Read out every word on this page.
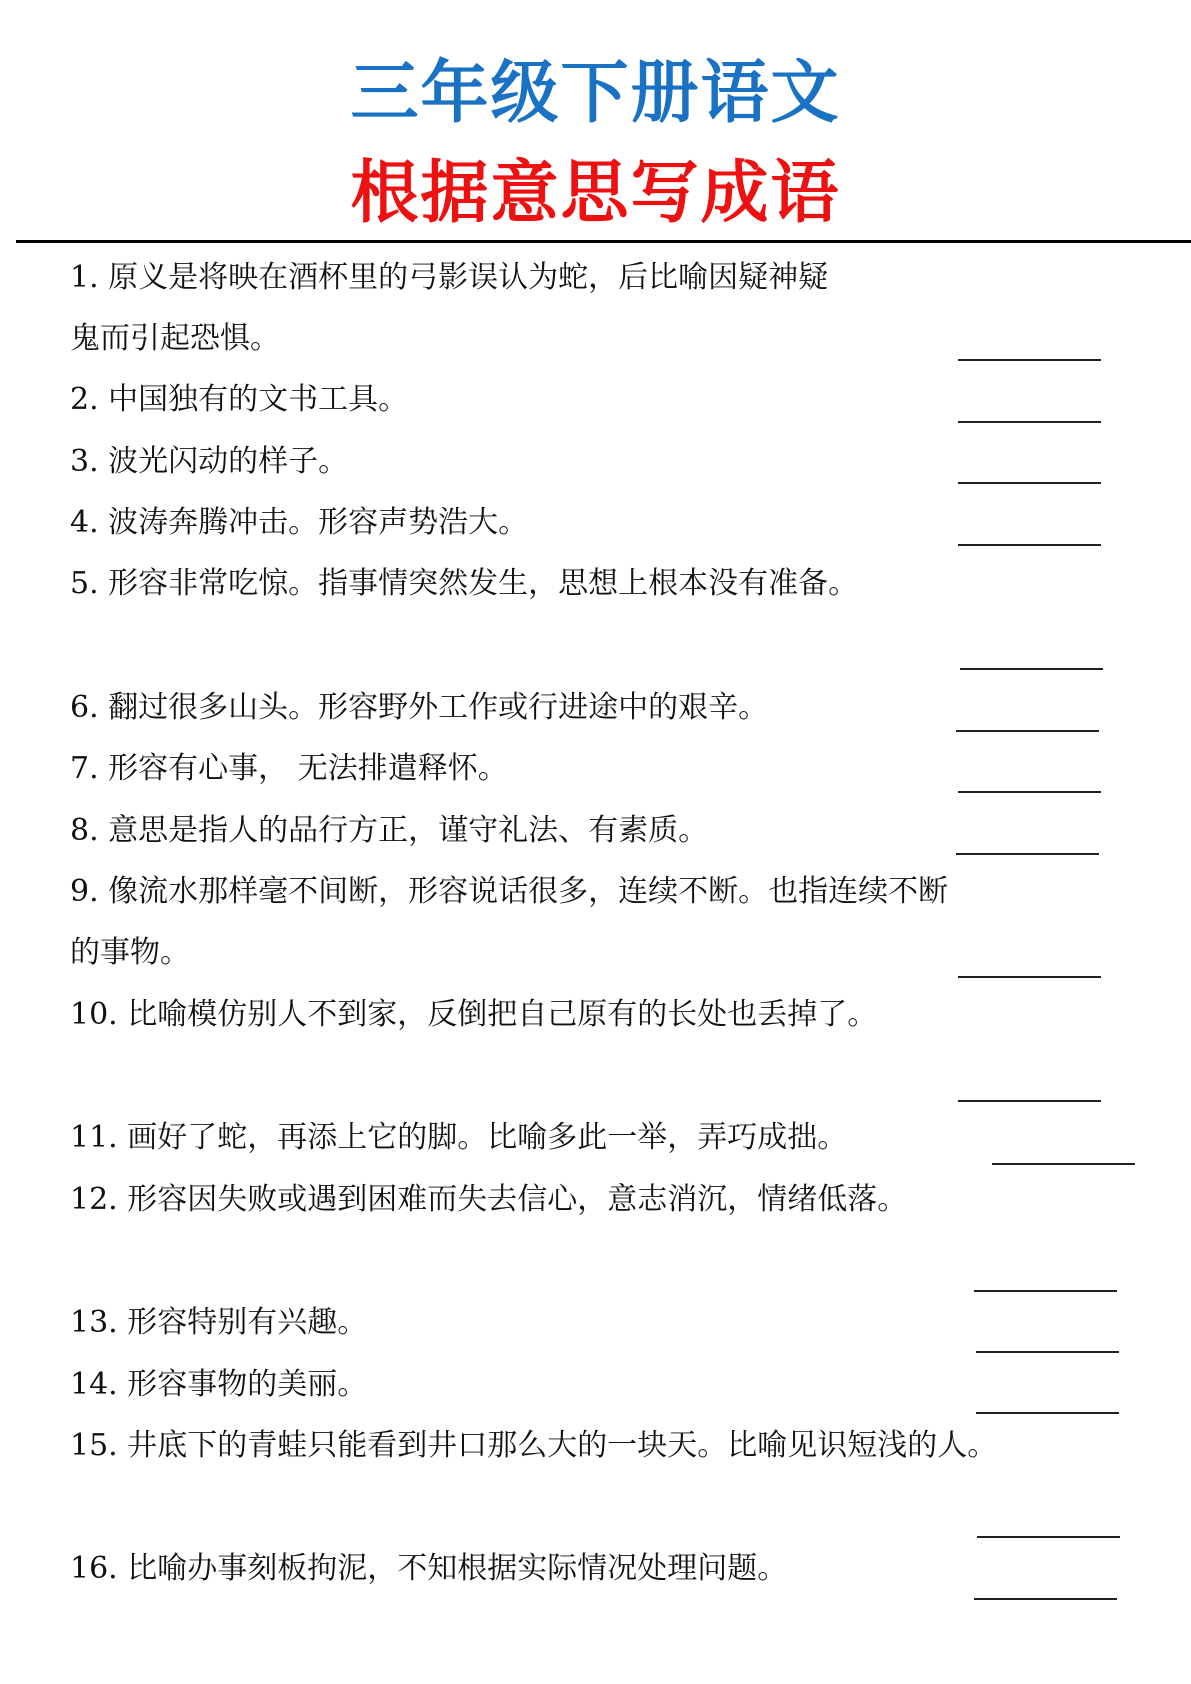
三年级下册语文
根据意思写成语
1. 原义是将映在酒杯里的弓影误认为蛇，后比喻因疑神疑
鬼而引起恐惧。
2. 中国独有的文书工具。
3. 波光闪动的样子。
4. 波涛奔腾冲击。形容声势浩大。
5. 形容非常吃惊。指事情突然发生，思想上根本没有准备。
6. 翻过很多山头。形容野外工作或行进途中的艰辛。
7. 形容有心事， 无法排遣释怀。
8. 意思是指人的品行方正，谨守礼法、有素质。
9. 像流水那样毫不间断，形容说话很多，连续不断。也指连续不断
的事物。
10. 比喻模仿别人不到家，反倒把自己原有的长处也丢掉了。
11. 画好了蛇，再添上它的脚。比喻多此一举，弄巧成拙。
12. 形容因失败或遇到困难而失去信心，意志消沉，情绪低落。
13. 形容特别有兴趣。
14. 形容事物的美丽。
15. 井底下的青蛙只能看到井口那么大的一块天。比喻见识短浅的人。
16. 比喻办事刻板拘泥，不知根据实际情况处理问题。
